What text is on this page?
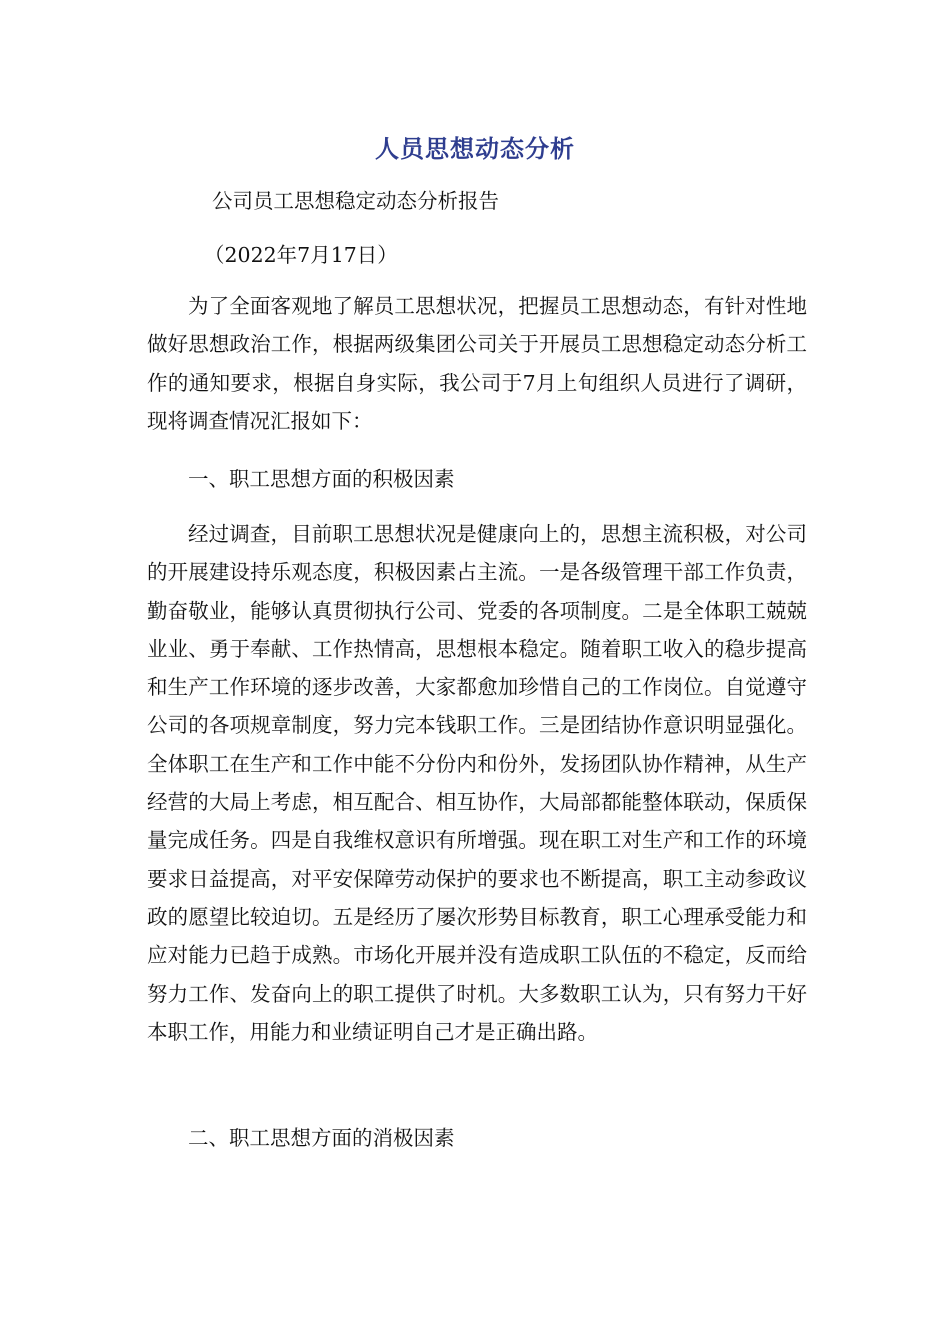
人员思想动态分析
公司员工思想稳定动态分析报告
（2022年7月17日）

为了全面客观地了解员工思想状况，把握员工思想动态，有针对性地做好思想政治工作，根据两级集团公司关于开展员工思想稳定动态分析工作的通知要求，根据自身实际，我公司于7月上旬组织人员进行了调研，现将调查情况汇报如下：

一、职工思想方面的积极因素

经过调查，目前职工思想状况是健康向上的，思想主流积极，对公司的开展建设持乐观态度，积极因素占主流。一是各级管理干部工作负责，勤奋敬业，能够认真贯彻执行公司、党委的各项制度。二是全体职工兢兢业业、勇于奉献、工作热情高，思想根本稳定。随着职工收入的稳步提高和生产工作环境的逐步改善，大家都愈加珍惜自己的工作岗位。自觉遵守公司的各项规章制度，努力完本钱职工作。三是团结协作意识明显强化。全体职工在生产和工作中能不分份内和份外，发扬团队协作精神，从生产经营的大局上考虑，相互配合、相互协作，大局部都能整体联动，保质保量完成任务。四是自我维权意识有所增强。现在职工对生产和工作的环境要求日益提高，对平安保障劳动保护的要求也不断提高，职工主动参政议政的愿望比较迫切。五是经历了屡次形势目标教育，职工心理承受能力和应对能力已趋于成熟。市场化开展并没有造成职工队伍的不稳定，反而给努力工作、发奋向上的职工提供了时机。大多数职工认为，只有努力干好本职工作，用能力和业绩证明自己才是正确出路。

二、职工思想方面的消极因素
